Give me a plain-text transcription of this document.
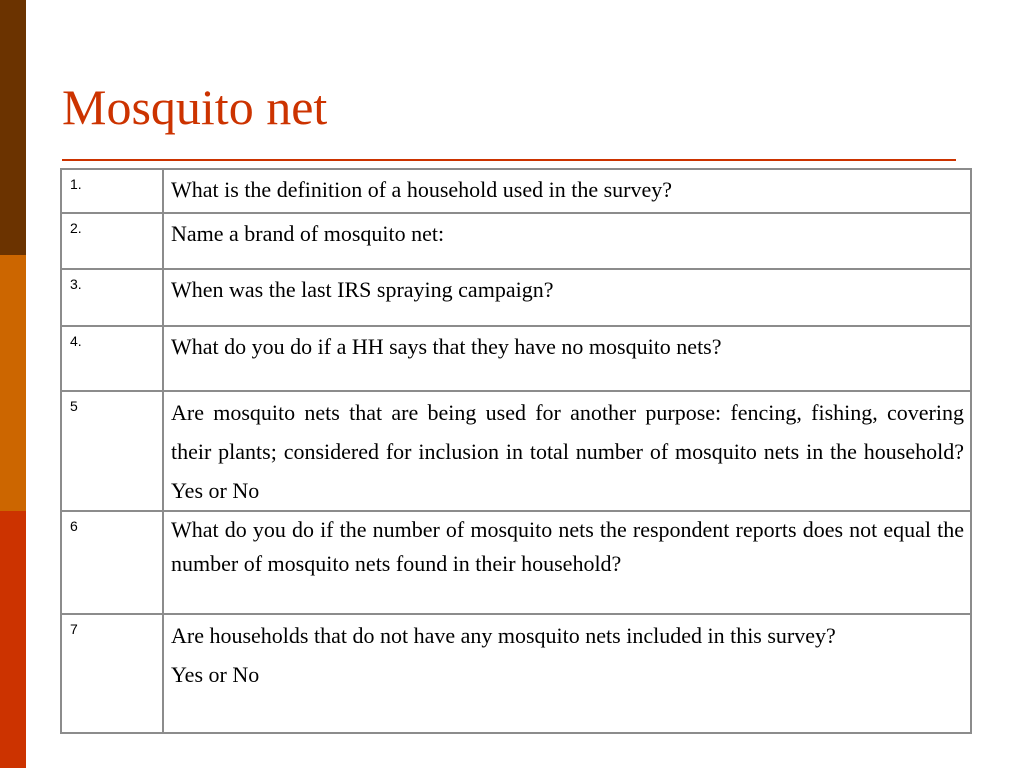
Mosquito net
1.	What is the definition of a household used in the survey?
2.	Name a brand of mosquito net:
3.	When was the last IRS spraying campaign?
4.	What do you do if a HH says that they have no mosquito nets?
5	Are mosquito nets that are being used for another purpose: fencing, fishing, covering their plants; considered for inclusion in total number of mosquito nets in the household? Yes or No
6	What do you do if the number of mosquito nets the respondent reports does not equal the number of mosquito nets found in their household?
7	Are households that do not have any mosquito nets included in this survey?
Yes or No
